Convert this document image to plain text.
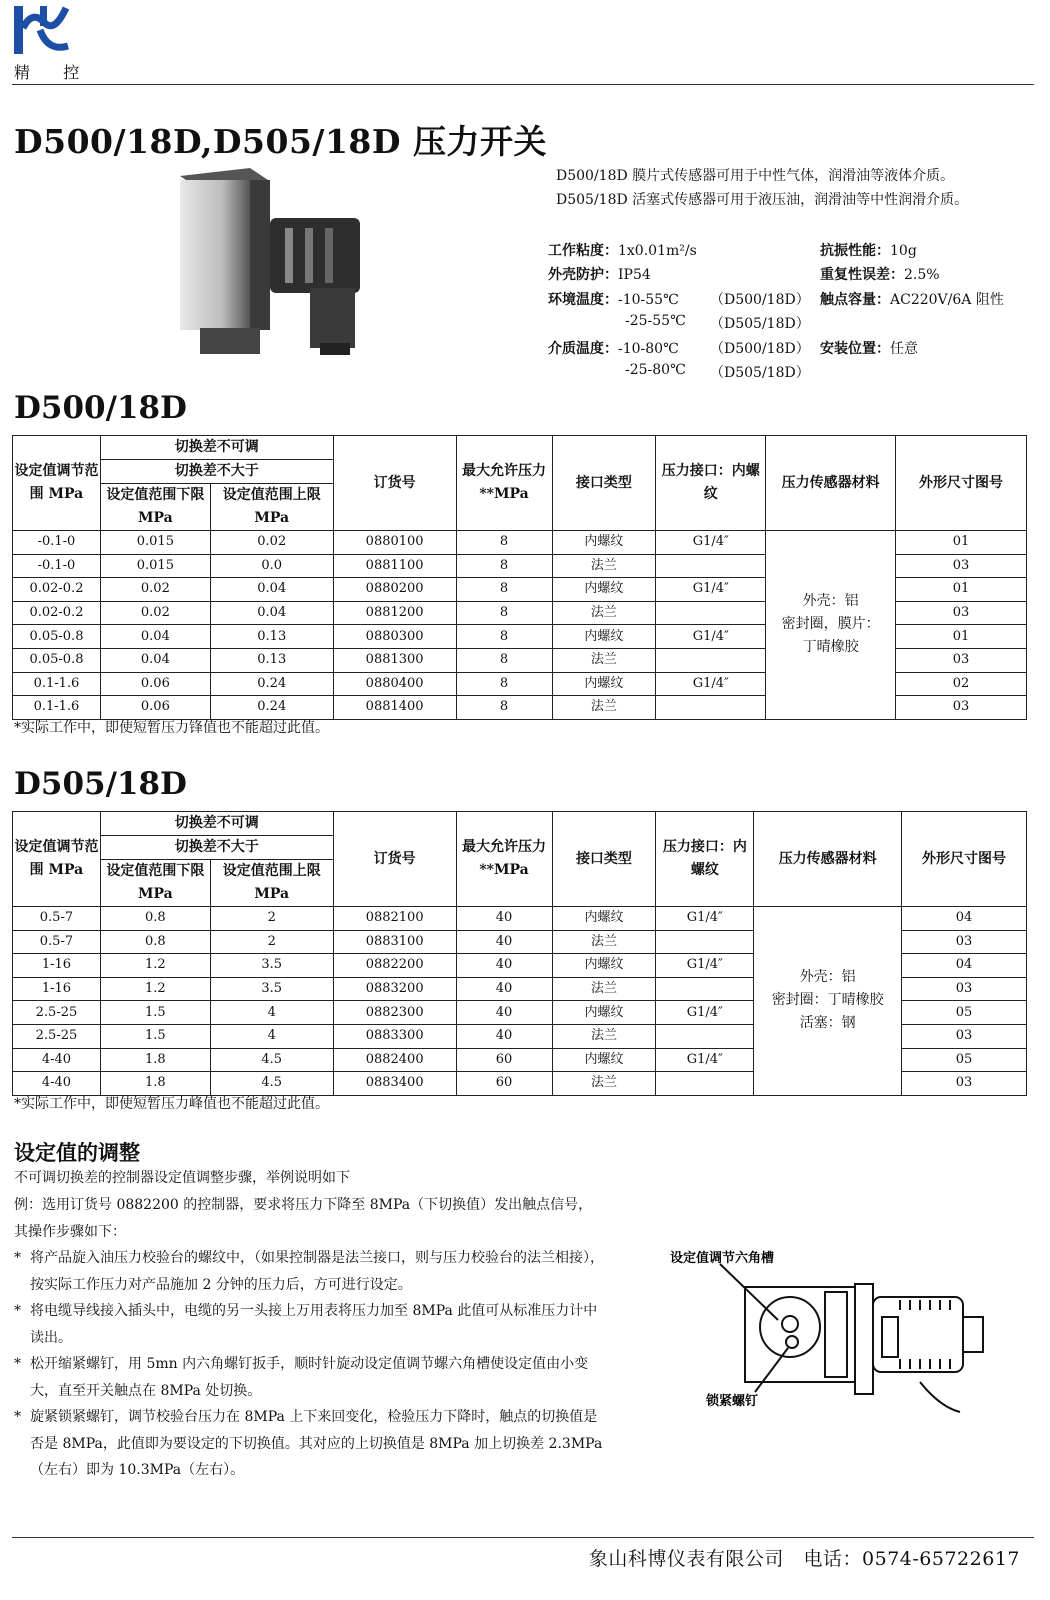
精 控
D500/18D,D505/18D 压力开关
D500/18D 膜片式传感器可用于中性气体，润滑油等液体介质。
D505/18D 活塞式传感器可用于液压油，润滑油等中性润滑介质。
工作粘度：1x0.01m²/s	抗振性能：10g
外壳防护：IP54	重复性误差：2.5%
环境温度：-10-55℃ （D500/18D）
-25-55℃ （D505/18D）
触点容量：AC220V/6A 阻性
介质温度：-10-80℃ （D500/18D）
-25-80℃ （D505/18D）
安装位置：任意
D500/18D
设定值调节范围 MPa	切换差不可调		订货号	最大允许压力**MPa	接口类型	压力接口：内螺纹	压力传感器材料	外形尺寸图号
	切换差不大于							
	设定值范围下限 MPa	设定值范围上限 MPa						

-0.1-0	0.015	0.02	0880100	8	内螺纹	G1/4″	外壳：铝
密封圈，膜片：
丁晴橡胶	01
-0.1-0	0.015	0.0	0881100	8	法兰			03
0.02-0.2	0.02	0.04	0880200	8	内螺纹	G1/4″		01
0.02-0.2	0.02	0.04	0881200	8	法兰			03
0.05-0.8	0.04	0.13	0880300	8	内螺纹	G1/4″		01
0.05-0.8	0.04	0.13	0881300	8	法兰			03
0.1-1.6	0.06	0.24	0880400	8	内螺纹	G1/4″		02
0.1-1.6	0.06	0.24	0881400	8	法兰			03
*实际工作中，即使短暂压力锋值也不能超过此值。
D505/18D
设定值调节范围 MPa	切换差不可调		订货号	最大允许压力**MPa	接口类型	压力接口：内螺纹	压力传感器材料	外形尺寸图号
	切换差不大于							
	设定值范围下限 MPa	设定值范围上限 MPa						

0.5-7	0.8	2	0882100	40	内螺纹	G1/4″	外壳：铝
密封圈：丁晴橡胶
活塞：钢	04
0.5-7	0.8	2	0883100	40	法兰			03
1-16	1.2	3.5	0882200	40	内螺纹	G1/4″		04
1-16	1.2	3.5	0883200	40	法兰			03
2.5-25	1.5	4	0882300	40	内螺纹	G1/4″		05
2.5-25	1.5	4	0883300	40	法兰			03
4-40	1.8	4.5	0882400	60	内螺纹	G1/4″		05
4-40	1.8	4.5	0883400	60	法兰			03
*实际工作中，即使短暂压力峰值也不能超过此值。
设定值的调整
不可调切换差的控制器设定值调整步骤，举例说明如下
例：选用订货号 0882200 的控制器，要求将压力下降至 8MPa（下切换值）发出触点信号，其操作步骤如下：
* 将产品旋入油压力校验台的螺纹中，（如果控制器是法兰接口，则与压力校验台的法兰相接），按实际工作压力对产品施加 2 分钟的压力后，方可进行设定。
* 将电缆导线接入插头中，电缆的另一头接上万用表将压力加至 8MPa 此值可从标准压力计中读出。
* 松开缩紧螺钉，用 5mn 内六角螺钉扳手，顺时针旋动设定值调节螺六角槽使设定值由小变大，直至开关触点在 8MPa 处切换。
* 旋紧锁紧螺钉，调节校验台压力在 8MPa 上下来回变化，检验压力下降时，触点的切换值是否是 8MPa，此值即为要设定的下切换值。其对应的上切换值是 8MPa 加上切换差 2.3MPa（左右）即为 10.3MPa（左右）。
设定值调节六角槽
锁紧螺钉
象山科博仪表有限公司 电话：0574-65722617
